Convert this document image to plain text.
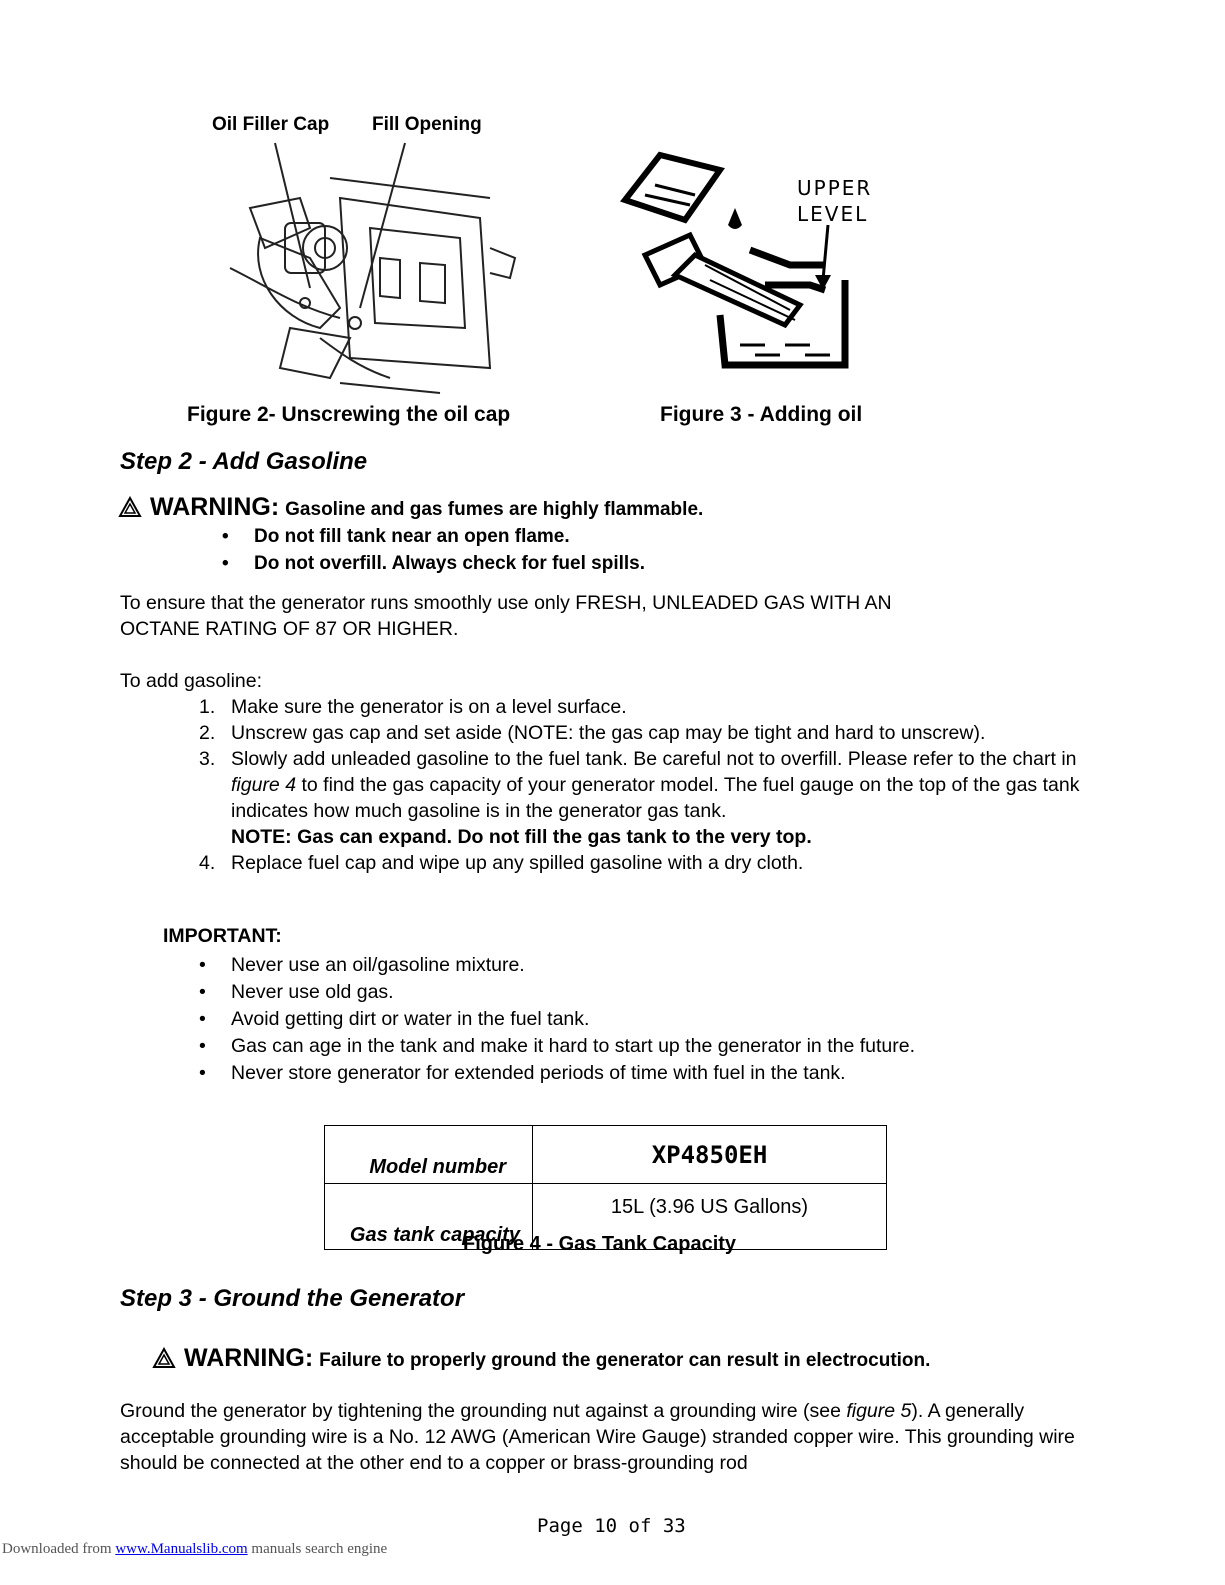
Oil Filler Cap Fill Opening
Figure 2- Unscrewing the oil cap
UPPER
LEVEL
Figure 3 - Adding oil
Step 2 - Add Gasoline
WARNING: Gasoline and gas fumes are highly flammable.
• Do not fill tank near an open flame.
• Do not overfill. Always check for fuel spills.
To ensure that the generator runs smoothly use only FRESH, UNLEADED GAS WITH AN
OCTANE RATING OF 87 OR HIGHER.
To add gasoline:
1. Make sure the generator is on a level surface.
2. Unscrew gas cap and set aside (NOTE: the gas cap may be tight and hard to unscrew).
3. Slowly add unleaded gasoline to the fuel tank. Be careful not to overfill. Please refer to the chart in figure 4 to find the gas capacity of your generator model. The fuel gauge on the top of the gas tank indicates how much gasoline is in the generator gas tank.
NOTE: Gas can expand. Do not fill the gas tank to the very top.
4. Replace fuel cap and wipe up any spilled gasoline with a dry cloth.
IMPORTANT:
• Never use an oil/gasoline mixture.
• Never use old gas.
• Avoid getting dirt or water in the fuel tank.
• Gas can age in the tank and make it hard to start up the generator in the future.
• Never store generator for extended periods of time with fuel in the tank.
Model number	XP4850EH
Gas tank capacity	15L (3.96 US Gallons)
Figure 4 - Gas Tank Capacity
Step 3 - Ground the Generator
WARNING: Failure to properly ground the generator can result in electrocution.
Ground the generator by tightening the grounding nut against a grounding wire (see figure 5). A generally acceptable grounding wire is a No. 12 AWG (American Wire Gauge) stranded copper wire. This grounding wire should be connected at the other end to a copper or brass-grounding rod
Page 10 of 33
Downloaded from www.Manualslib.com manuals search engine
